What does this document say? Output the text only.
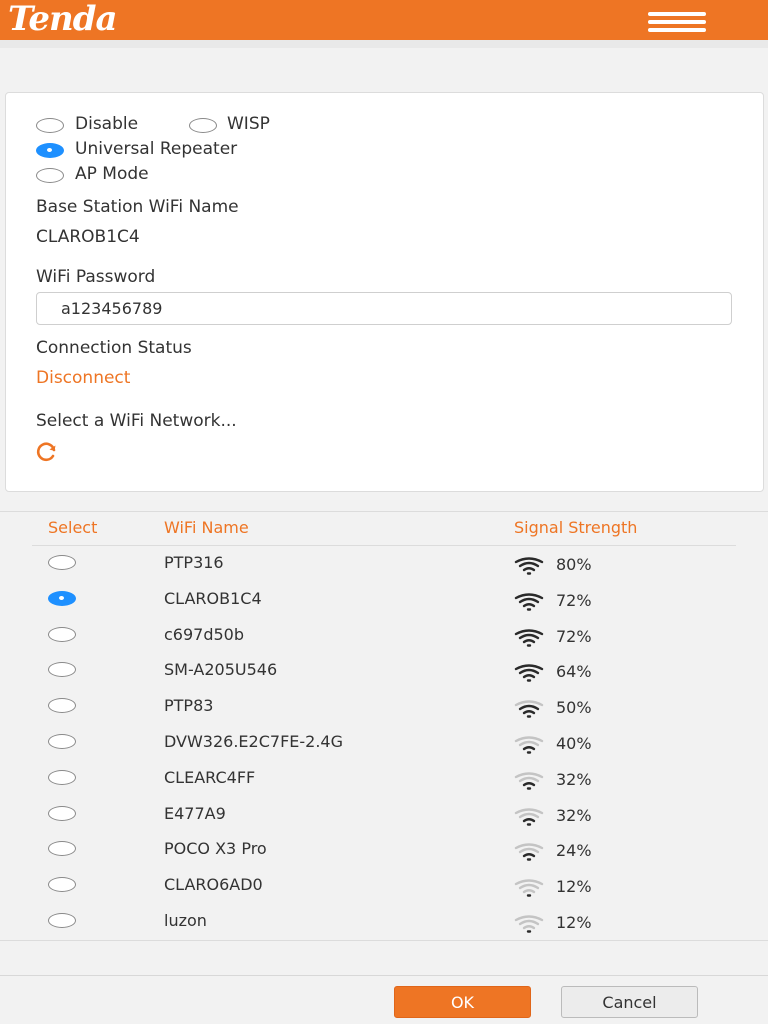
Tenda
Disable	WISP
Universal Repeater
AP Mode
Base Station WiFi Name
CLAROB1C4
WiFi Password
a123456789
Connection Status
Disconnect
Select a WiFi Network...
Select	WiFi Name	Signal Strength
PTP316	80%
CLAROB1C4	72%
c697d50b	72%
SM-A205U546	64%
PTP83	50%
DVW326.E2C7FE-2.4G	40%
CLEARC4FF	32%
E477A9	32%
POCO X3 Pro	24%
CLARO6AD0	12%
luzon	12%
OK	Cancel
